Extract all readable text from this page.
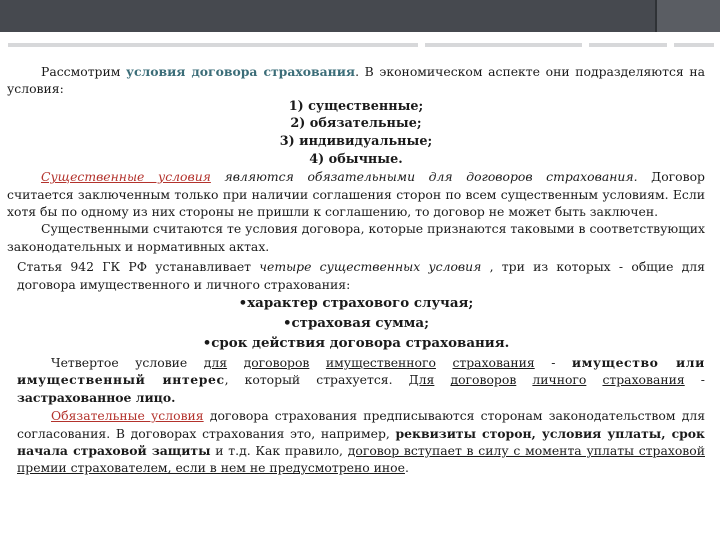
Рассмотрим условия договора страхования. В экономическом аспекте они подразделяются на условия:

1) существенные;

2) обязательные;

3) индивидуальные;

4) обычные.

Существенные условия являются обязательными для договоров страхования. Договор считается заключенным только при наличии соглашения сторон по всем существенным условиям. Если хотя бы по одному из них стороны не пришли к соглашению, то договор не может быть заключен.

Существенными считаются те условия договора, которые признаются таковыми в соответствующих законодательных и нормативных актах.

Статья 942 ГК РФ устанавливает четыре существенных условия , три из которых - общие для договора имущественного и личного страхования:

•характер страхового случая;

•страховая сумма;

•срок действия договора страхования.

Четвертое условие для договоров имущественного страхования - имущество или имущественный интерес, который страхуется. Для договоров личного страхования - застрахованное лицо.

Обязательные условия договора страхования предписываются сторонам законодательством для согласования. В договорах страхования это, например, реквизиты сторон, условия уплаты, срок начала страховой защиты и т.д. Как правило, договор вступает в силу с момента уплаты страховой премии страхователем, если в нем не предусмотрено иное.
